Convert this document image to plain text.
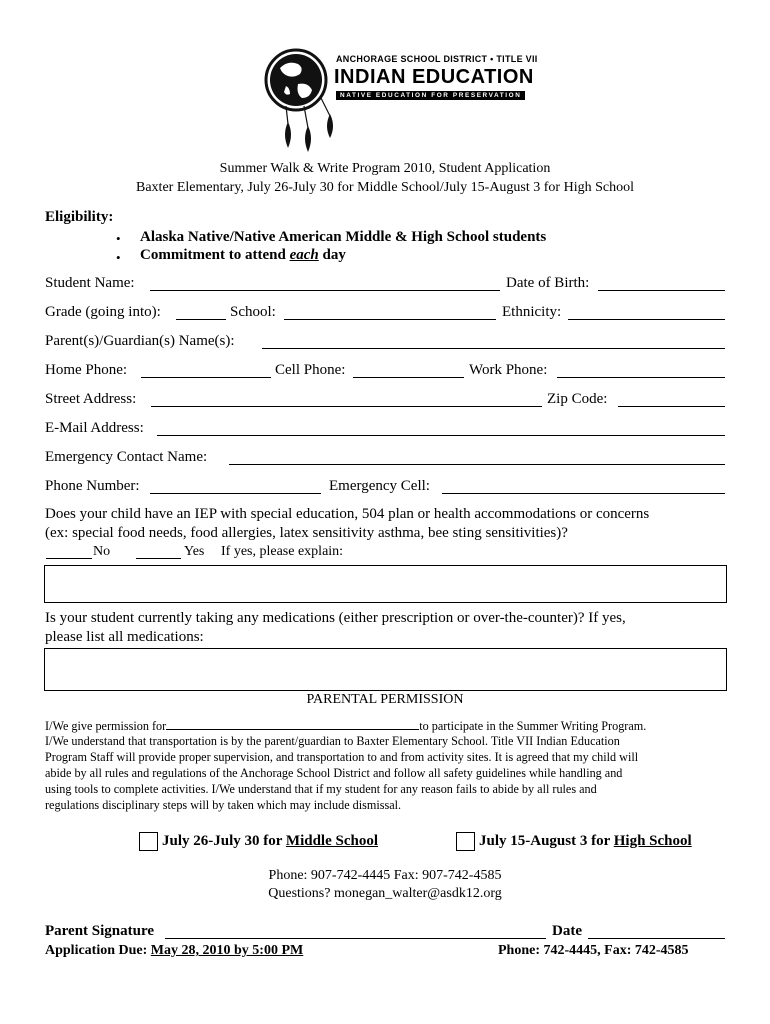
ANCHORAGE SCHOOL DISTRICT • TITLE VII
INDIAN EDUCATION
NATIVE EDUCATION FOR PRESERVATION
Summer Walk & Write Program 2010, Student Application
Baxter Elementary, July 26-July 30 for Middle School/July 15-August 3 for High School
Eligibility:
• Alaska Native/Native American Middle & High School students
• Commitment to attend each day
Student Name:	Date of Birth:
Grade (going into):	School:	Ethnicity:
Parent(s)/Guardian(s) Name(s):
Home Phone:	Cell Phone:	Work Phone:
Street Address:	Zip Code:
E-Mail Address:
Emergency Contact Name:
Phone Number:	Emergency Cell:
Does your child have an IEP with special education, 504 plan or health accommodations or concerns
(ex: special food needs, food allergies, latex sensitivity asthma, bee sting sensitivities)?
No	Yes If yes, please explain:
Is your student currently taking any medications (either prescription or over-the-counter)? If yes,
please list all medications:
PARENTAL PERMISSION
I/We give permission for	to participate in the Summer Writing Program.
I/We understand that transportation is by the parent/guardian to Baxter Elementary School. Title VII Indian Education
Program Staff will provide proper supervision, and transportation to and from activity sites. It is agreed that my child will
abide by all rules and regulations of the Anchorage School District and follow all safety guidelines while handling and
using tools to complete activities. I/We understand that if my student for any reason fails to abide by all rules and
regulations disciplinary steps will by taken which may include dismissal.
July 26-July 30 for Middle School	July 15-August 3 for High School
Phone: 907-742-4445 Fax: 907-742-4585
Questions? monegan_walter@asdk12.org
Parent Signature	Date
Application Due: May 28, 2010 by 5:00 PM	Phone: 742-4445, Fax: 742-4585
